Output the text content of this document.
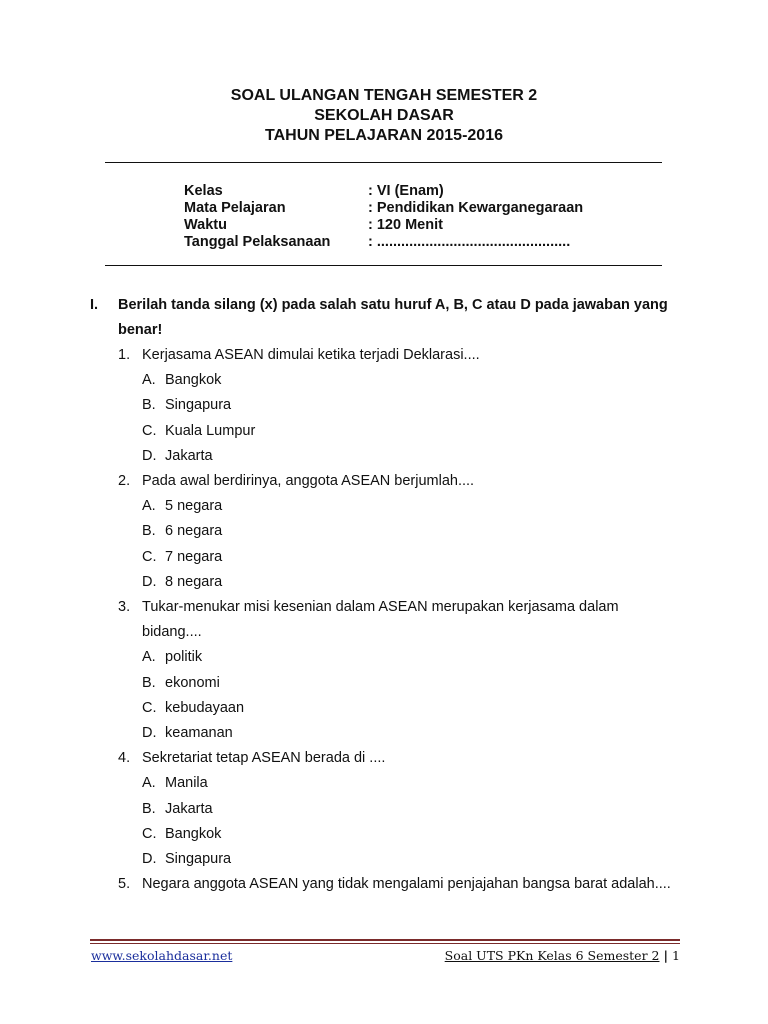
SOAL ULANGAN TENGAH SEMESTER 2

SEKOLAH DASAR

TAHUN PELAJARAN 2015-2016

Kelas	: VI (Enam)
Mata Pelajaran	: Pendidikan Kewarganegaraan
Waktu	: 120 Menit
Tanggal Pelaksanaan	: ................................................
I. Berilah tanda silang (x) pada salah satu huruf A, B, C atau D pada jawaban yang benar!
1. Kerjasama ASEAN dimulai ketika terjadi Deklarasi....
A. Bangkok
B. Singapura
C. Kuala Lumpur
D. Jakarta
2. Pada awal berdirinya, anggota ASEAN berjumlah....
A. 5 negara
B. 6 negara
C. 7 negara
D. 8 negara
3. Tukar-menukar misi kesenian dalam ASEAN merupakan kerjasama dalam bidang....
A. politik
B. ekonomi
C. kebudayaan
D. keamanan
4. Sekretariat tetap ASEAN berada di ....
A. Manila
B. Jakarta
C. Bangkok
D. Singapura
5. Negara anggota ASEAN yang tidak mengalami penjajahan bangsa barat adalah....
www.sekolahdasar.net	Soal UTS PKn Kelas 6 Semester 2 | 1
